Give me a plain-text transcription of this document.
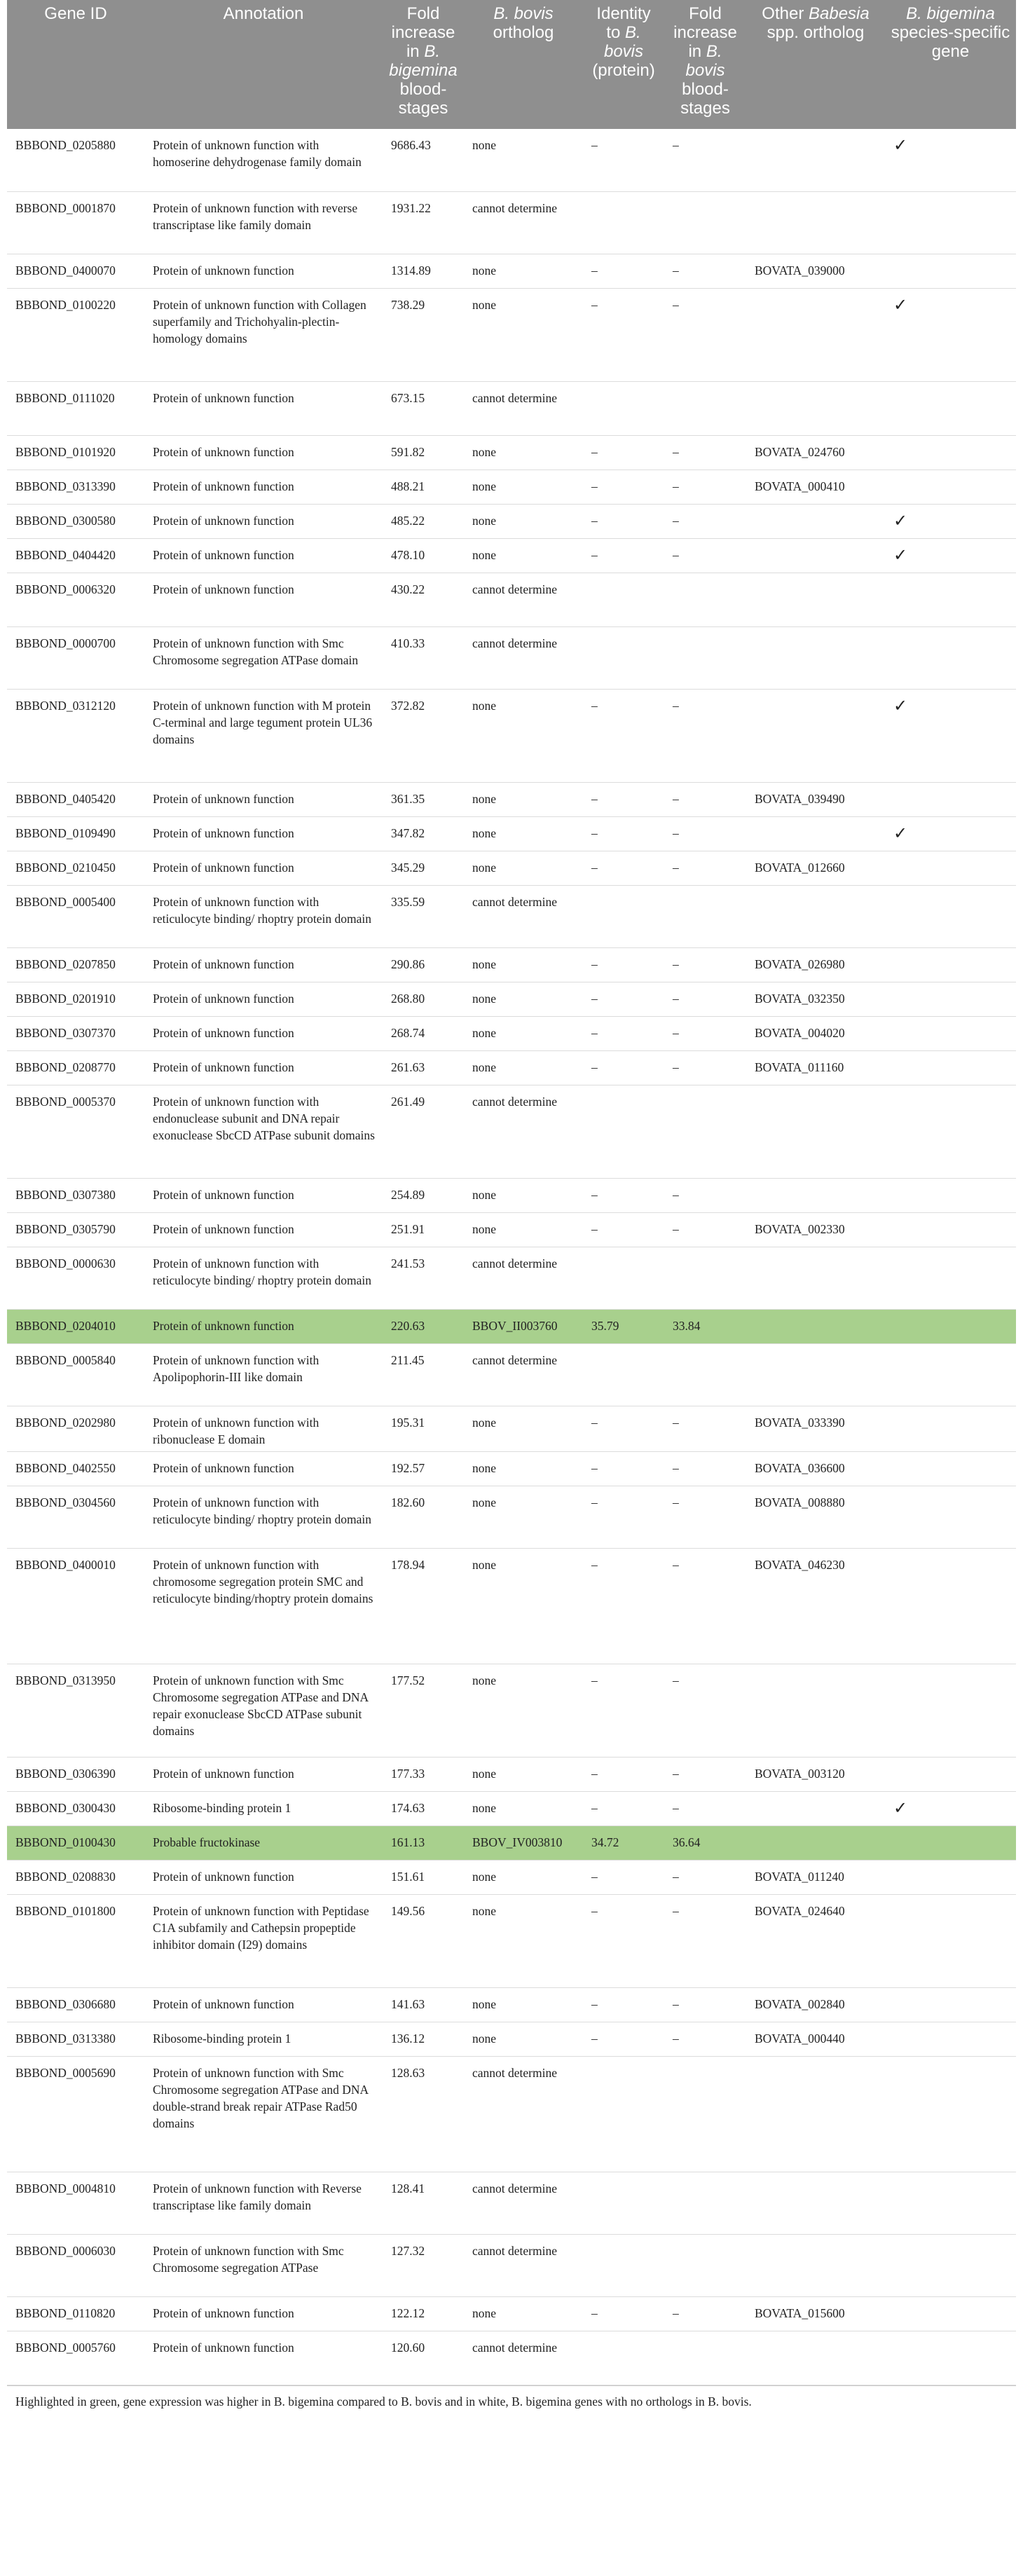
Gene ID	Annotation	Fold increase in B. bigemina blood-stages	B. bovis ortholog	Identity to B. bovis (protein)	Fold increase in B. bovis blood-stages	Other Babesia spp. ortholog	B. bigemina species-specific gene
BBBOND_0205880	Protein of unknown function with homoserine dehydrogenase family domain	9686.43	none	–	–		✓
BBBOND_0001870	Protein of unknown function with reverse transcriptase like family domain	1931.22	cannot determine				
BBBOND_0400070	Protein of unknown function	1314.89	none	–	–	BOVATA_039000	
BBBOND_0100220	Protein of unknown function with Collagen superfamily and Trichohyalin-plectin-homology domains	738.29	none	–	–		✓
BBBOND_0111020	Protein of unknown function	673.15	cannot determine				
BBBOND_0101920	Protein of unknown function	591.82	none	–	–	BOVATA_024760	
BBBOND_0313390	Protein of unknown function	488.21	none	–	–	BOVATA_000410	
BBBOND_0300580	Protein of unknown function	485.22	none	–	–		✓
BBBOND_0404420	Protein of unknown function	478.10	none	–	–		✓
BBBOND_0006320	Protein of unknown function	430.22	cannot determine				
BBBOND_0000700	Protein of unknown function with Smc Chromosome segregation ATPase domain	410.33	cannot determine				
BBBOND_0312120	Protein of unknown function with M protein C-terminal and large tegument protein UL36 domains	372.82	none	–	–		✓
BBBOND_0405420	Protein of unknown function	361.35	none	–	–	BOVATA_039490	
BBBOND_0109490	Protein of unknown function	347.82	none	–	–		✓
BBBOND_0210450	Protein of unknown function	345.29	none	–	–	BOVATA_012660	
BBBOND_0005400	Protein of unknown function with reticulocyte binding/ rhoptry protein domain	335.59	cannot determine				
BBBOND_0207850	Protein of unknown function	290.86	none	–	–	BOVATA_026980	
BBBOND_0201910	Protein of unknown function	268.80	none	–	–	BOVATA_032350	
BBBOND_0307370	Protein of unknown function	268.74	none	–	–	BOVATA_004020	
BBBOND_0208770	Protein of unknown function	261.63	none	–	–	BOVATA_011160	
BBBOND_0005370	Protein of unknown function with endonuclease subunit and DNA repair exonuclease SbcCD ATPase subunit domains	261.49	cannot determine				
BBBOND_0307380	Protein of unknown function	254.89	none	–	–		
BBBOND_0305790	Protein of unknown function	251.91	none	–	–	BOVATA_002330	
BBBOND_0000630	Protein of unknown function with reticulocyte binding/ rhoptry protein domain	241.53	cannot determine				
BBBOND_0204010	Protein of unknown function	220.63	BBOV_II003760	35.79	33.84		
BBBOND_0005840	Protein of unknown function with Apolipophorin-III like domain	211.45	cannot determine				
BBBOND_0202980	Protein of unknown function with ribonuclease E domain	195.31	none	–	–	BOVATA_033390	
BBBOND_0402550	Protein of unknown function	192.57	none	–	–	BOVATA_036600	
BBBOND_0304560	Protein of unknown function with reticulocyte binding/ rhoptry protein domain	182.60	none	–	–	BOVATA_008880	
BBBOND_0400010	Protein of unknown function with chromosome segregation protein SMC and reticulocyte binding/rhoptry protein domains	178.94	none	–	–	BOVATA_046230	
BBBOND_0313950	Protein of unknown function with Smc Chromosome segregation ATPase and DNA repair exonuclease SbcCD ATPase subunit domains	177.52	none	–	–		
BBBOND_0306390	Protein of unknown function	177.33	none	–	–	BOVATA_003120	
BBBOND_0300430	Ribosome-binding protein 1	174.63	none	–	–		✓
BBBOND_0100430	Probable fructokinase	161.13	BBOV_IV003810	34.72	36.64		
BBBOND_0208830	Protein of unknown function	151.61	none	–	–	BOVATA_011240	
BBBOND_0101800	Protein of unknown function with Peptidase C1A subfamily and Cathepsin propeptide inhibitor domain (I29) domains	149.56	none	–	–	BOVATA_024640	
BBBOND_0306680	Protein of unknown function	141.63	none	–	–	BOVATA_002840	
BBBOND_0313380	Ribosome-binding protein 1	136.12	none	–	–	BOVATA_000440	
BBBOND_0005690	Protein of unknown function with Smc Chromosome segregation ATPase and DNA double-strand break repair ATPase Rad50 domains	128.63	cannot determine				
BBBOND_0004810	Protein of unknown function with Reverse transcriptase like family domain	128.41	cannot determine				
BBBOND_0006030	Protein of unknown function with Smc Chromosome segregation ATPase	127.32	cannot determine				
BBBOND_0110820	Protein of unknown function	122.12	none	–	–	BOVATA_015600	
BBBOND_0005760	Protein of unknown function	120.60	cannot determine				
Highlighted in green, gene expression was higher in B. bigemina compared to B. bovis and in white, B. bigemina genes with no orthologs in B. bovis.
